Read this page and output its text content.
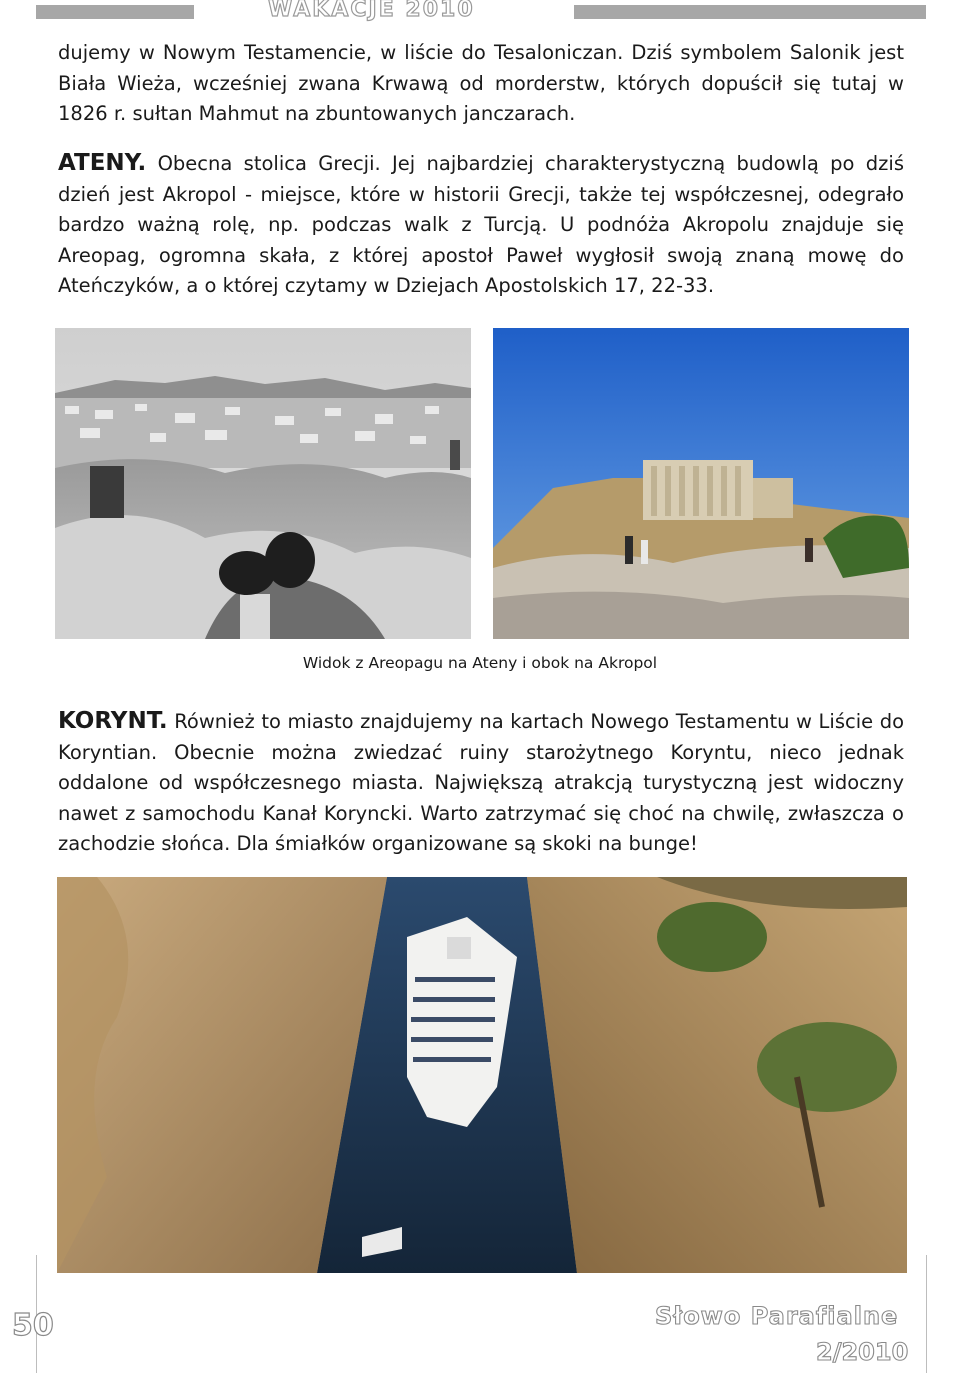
WAKACJE 2010

dujemy w Nowym Testamencie, w liście do Tesaloniczan. Dziś symbolem Salonik jest Biała Wieża, wcześniej zwana Krwawą od morderstw, których dopuścił się tutaj w 1826 r. sułtan Mahmut na zbuntowanych janczarach.

ATENY. Obecna stolica Grecji. Jej najbardziej charakterystyczną budowlą po dziś dzień jest Akropol - miejsce, które w historii Grecji, także tej współczesnej, odegrało bardzo ważną rolę, np. podczas walk z Turcją. U podnóża Akropolu znajduje się Areopag, ogromna skała, z której apostoł Paweł wygłosił swoją znaną mowę do Ateńczyków, a o której czytamy w Dziejach Apostolskich 17, 22-33.

Widok z Areopagu na Ateny i obok na Akropol

KORYNT. Również to miasto znajdujemy na kartach Nowego Testamentu w Liście do Koryntian. Obecnie można zwiedzać ruiny starożytnego Koryntu, nieco jednak oddalone od współczesnego miasta. Największą atrakcją turystyczną jest widoczny nawet z samochodu Kanał Koryncki. Warto zatrzymać się choć na chwilę, zwłaszcza o zachodzie słońca. Dla śmiałków organizowane są skoki na bunge!

50	Słowo Parafialne
2/2010
